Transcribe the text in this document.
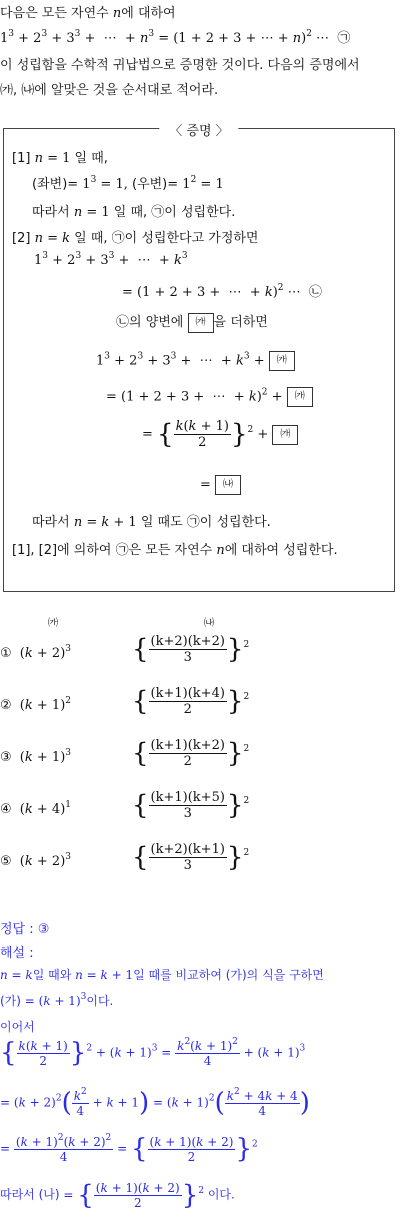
다음은 모든 자연수 n에 대하여
$1^3 + 2^3 + 3^3$ +  ⋯  + $n^3 = (1 + 2 + 3$ + ⋯ + n)$^2$ ⋯  ㉠
이 성립함을 수학적 귀납법으로 증명한 것이다. 다음의 증명에서
㈎, ㈏에 알맞은 것을 순서대로 적어라.
〈 증명 〉
[1] n = 1 일 때,
(좌변)= $1^3 = 1$, (우변)= $1^2 = 1$
따라서 n = 1 일 때, ㉠이 성립한다.
[2] n = k 일 때, ㉠이 성립한다고 가정하면
$1^3 + 2^3 + 3^3$ +  ⋯  + $k^3$
= (1 + 2 + 3 +  ⋯  + k)$^2$ ⋯  ㉡
㉡의 양변에 ㈎ 을 더하면
$1^3 + 2^3 + 3^3$ +  ⋯  + $k^3$ + ㈎
= (1 + 2 + 3 +  ⋯  + k)$^2$ + ㈎
= { $\frac{k(k + 1)}{2} \}^2$ + ㈎
= ㈏
따라서 n = k + 1 일 때도 ㉠이 성립한다.
[1], [2]에 의하여 ㉠은 모든 자연수 n에 대하여 성립한다.
㈎	㈏
① $(k + 2)^3$ { $\frac{(k+2)(k+2)}{3} \}^2$
② $(k + 1)^2$ { $\frac{(k+1)(k+4)}{2} \}^2$
③ $(k + 1)^3$ { $\frac{(k+1)(k+2)}{2} \}^2$
④ $(k + 4)^1$ { $\frac{(k+1)(k+5)}{3} \}^2$
⑤ $(k + 2)^3$ { $\frac{(k+2)(k+1)}{3} \}^2$
정답 : ③
해설 :
n = k일 때와 n = k + 1일 때를 비교하여 (가)의 식을 구하면
(가) = $(k + 1)^3$이다.
이어서
{ $\frac{k(k + 1)}{2} \}^2 + (k + 1)^3 = \frac{k^2(k + 1)^2}{4} + (k + 1)^3$
= $(k + 2)^2( \frac{k^2}{4} + k + 1) = (k + 1)^2( \frac{k^2 + 4k + 4}{4}$ )
= $\frac{(k + 1)^2(k + 2)^2}{4}$ = { $\frac{(k + 1)(k + 2)}{2} \}^2$
따라서 (나) = { $\frac{(k + 1)(k + 2)}{2} \}^2$ 이다.
